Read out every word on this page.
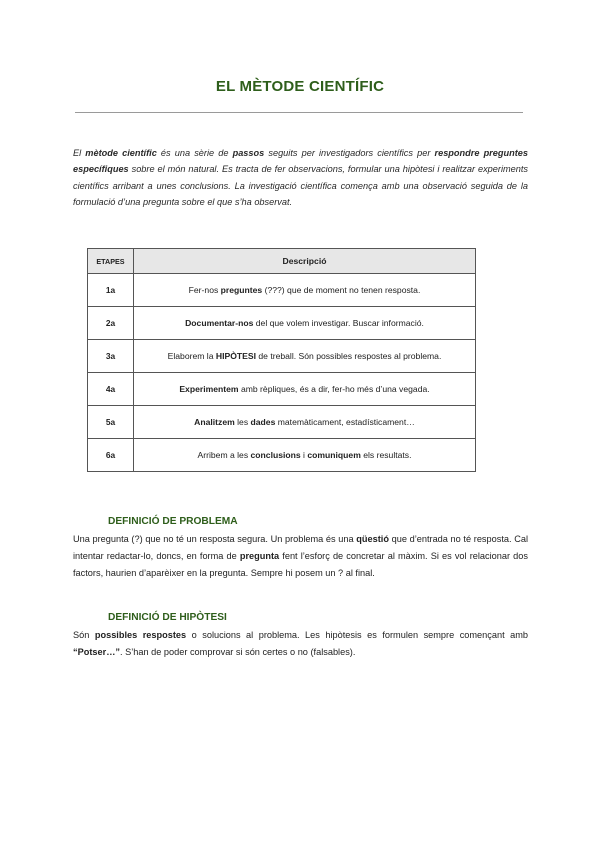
EL MÈTODE CIENTÍFIC

El mètode científic és una sèrie de passos seguits per investigadors científics per respondre preguntes específiques sobre el món natural. Es tracta de fer observacions, formular una hipòtesi i realitzar experiments científics arribant a unes conclusions. La investigació científica comença amb una observació seguida de la formulació d’una pregunta sobre el que s’ha observat.

ETAPES	Descripció
1a	Fer-nos preguntes (???) que de moment no tenen resposta.
2a	Documentar-nos del que volem investigar. Buscar informació.
3a	Elaborem la HIPÒTESI de treball. Són possibles respostes al problema.
4a	Experimentem amb rèpliques, és a dir, fer-ho més d’una vegada.
5a	Analitzem les dades matemàticament, estadísticament…
6a	Arribem a les conclusions i comuniquem els resultats.
DEFINICIÓ DE PROBLEMA

Una pregunta (?) que no té un resposta segura. Un problema és una qüestió que d’entrada no té resposta. Cal intentar redactar-lo, doncs, en forma de pregunta fent l’esforç de concretar al màxim. Si es vol relacionar dos factors, haurien d’aparèixer en la pregunta. Sempre hi posem un ? al final.

DEFINICIÓ DE HIPÒTESI

Són possibles respostes o solucions al problema. Les hipòtesis es formulen sempre començant amb “Potser…”. S’han de poder comprovar si són certes o no (falsables).
